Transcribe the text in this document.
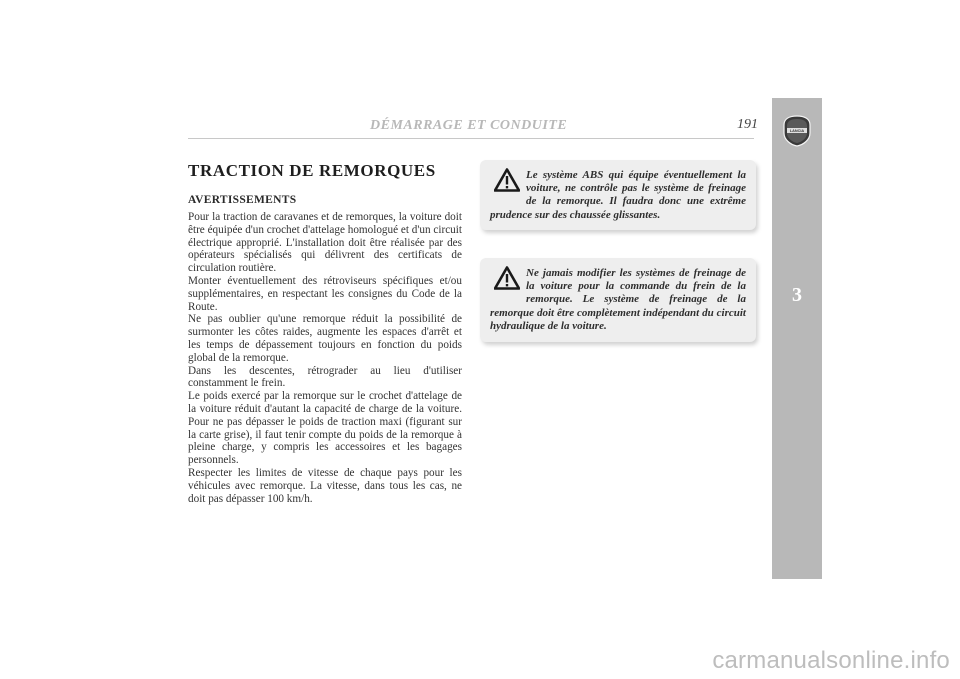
DÉMARRAGE ET CONDUITE	191
TRACTION DE REMORQUES
AVERTISSEMENTS

Pour la traction de caravanes et de remorques, la voiture doit être équipée d'un crochet d'attelage homologué et d'un circuit électrique approprié. L'installation doit être réalisée par des opérateurs spécialisés qui délivrent des certificats de circulation routière.

Monter éventuellement des rétroviseurs spécifiques et/ou supplémentaires, en respectant les consignes du Code de la Route.

Ne pas oublier qu'une remorque réduit la possibilité de surmonter les côtes raides, augmente les espaces d'arrêt et les temps de dépassement toujours en fonction du poids global de la remorque.

Dans les descentes, rétrograder au lieu d'utiliser constamment le frein.

Le poids exercé par la remorque sur le crochet d'attelage de la voiture réduit d'autant la capacité de charge de la voiture. Pour ne pas dépasser le poids de traction maxi (figurant sur la carte grise), il faut tenir compte du poids de la remorque à pleine charge, y compris les accessoires et les bagages personnels.

Respecter les limites de vitesse de chaque pays pour les véhicules avec remorque. La vitesse, dans tous les cas, ne doit pas dépasser 100 km/h.

Le système ABS qui équipe éventuellement la voiture, ne contrôle pas le système de freinage de la remorque. Il faudra donc une extrême prudence sur des chaussée glissantes.
Ne jamais modifier les systèmes de freinage de la voiture pour la commande du frein de la remorque. Le système de freinage de la remorque doit être complètement indépendant du circuit hydraulique de la voiture.
LANCIA
3
carmanualsonline.info
